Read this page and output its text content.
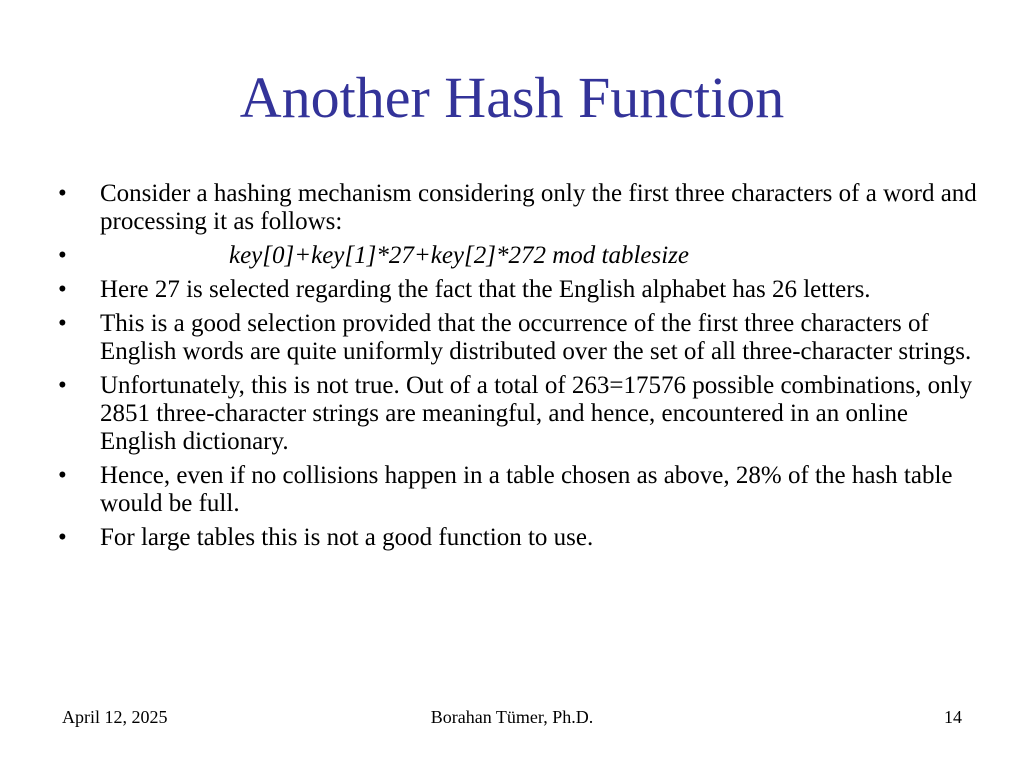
Another Hash Function
•	Consider a hashing mechanism considering only the first three characters of a word and processing it as follows:
•	key[0]+key[1]*27+key[2]*272 mod tablesize
•	Here 27 is selected regarding the fact that the English alphabet has 26 letters.
•	This is a good selection provided that the occurrence of the first three characters of English words are quite uniformly distributed over the set of all three-character strings.
•	Unfortunately, this is not true. Out of a total of 263=17576 possible combinations, only 2851 three-character strings are meaningful, and hence, encountered in an online English dictionary.
•	Hence, even if no collisions happen in a table chosen as above, 28% of the hash table would be full.
•	For large tables this is not a good function to use.
April 12, 2025	Borahan Tümer, Ph.D.	14
